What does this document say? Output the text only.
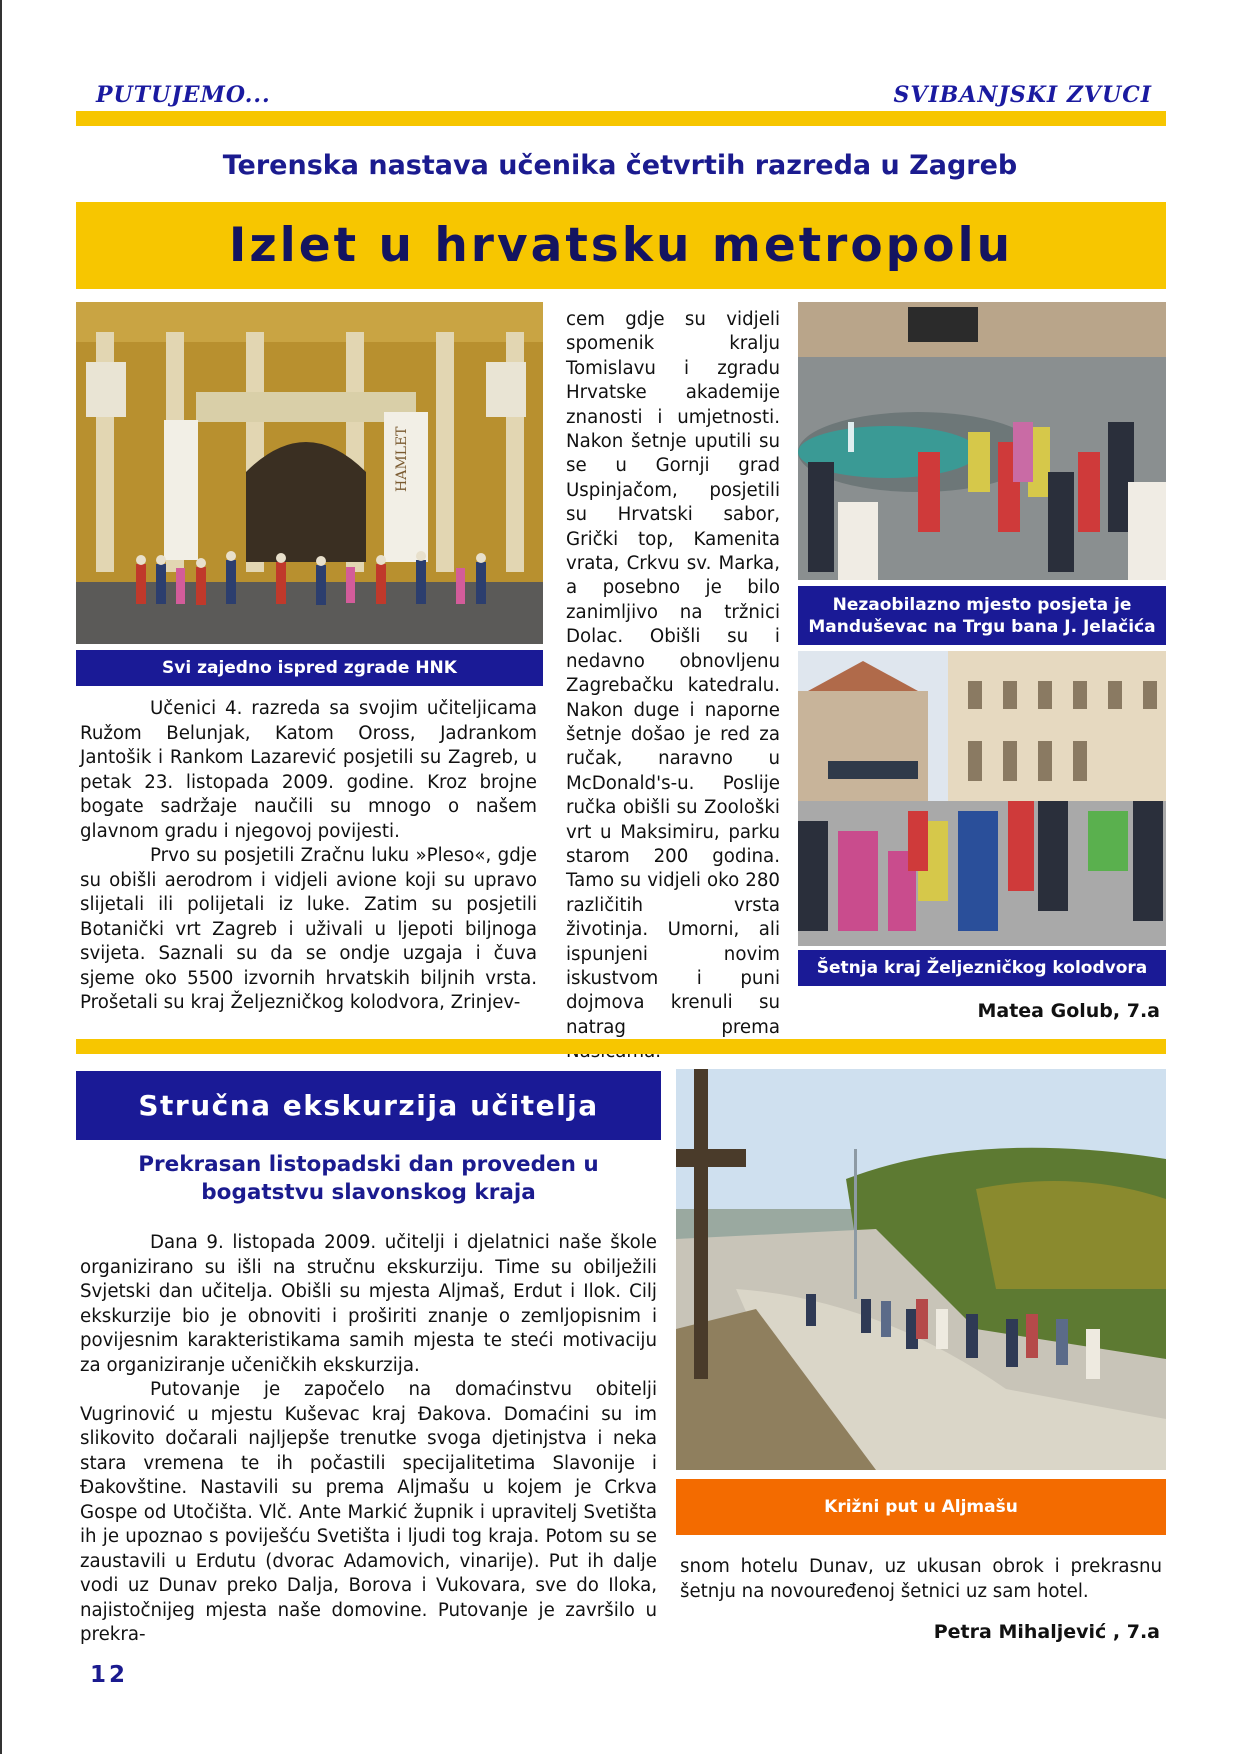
PUTUJEMO...	SVIBANJSKI ZVUCI
Terenska nastava učenika četvrtih razreda u Zagreb
Izlet u hrvatsku metropolu
HAMLET
Svi zajedno ispred zgrade HNK

Učenici 4. razreda sa svojim učiteljicama Ružom Belunjak, Katom Oross, Jadrankom Jantošik i Rankom Lazarević posjetili su Zagreb, u petak 23. listopada 2009. godine. Kroz brojne bogate sadržaje naučili su mnogo o našem glavnom gradu i njegovoj povijesti.

Prvo su posjetili Zračnu luku »Pleso«, gdje su obišli aerodrom i vidjeli avione koji su upravo slijetali ili polijetali iz luke. Zatim su posjetili Botanički vrt Zagreb i uživali u ljepoti biljnoga svijeta. Saznali su da se ondje uzgaja i čuva sjeme oko 5500 izvornih hrvatskih biljnih vrsta. Prošetali su kraj Željezničkog kolodvora, Zrinjev-

cem gdje su vidjeli spomenik kralju Tomislavu i zgradu Hrvatske akademije znanosti i umjetnosti. Nakon šetnje uputili su se u Gornji grad Uspinjačom, posjetili su Hrvatski sabor, Grički top, Kamenita vrata, Crkvu sv. Marka, a posebno je bilo zanimljivo na tržnici Dolac. Obišli su i nedavno obnovljenu Zagrebačku katedralu. Nakon duge i naporne šetnje došao je red za ručak, naravno u McDonald's-u. Poslije ručka obišli su Zoološki vrt u Maksimiru, parku starom 200 godina. Tamo su vidjeli oko 280 različitih vrsta životinja. Umorni, ali ispunjeni novim iskustvom i puni dojmova krenuli su natrag prema
Nezaobilazno mjesto posjeta je Manduševac na Trgu bana J. Jelačića
Šetnja kraj Željezničkog kolodvora
Matea Golub, 7.a
Stručna ekskurzija učitelja
Prekrasan listopadski dan proveden u
bogatstvu slavonskog kraja

Dana 9. listopada 2009. učitelji i djelatnici naše škole organizirano su išli na stručnu ekskurziju. Time su obilježili Svjetski dan učitelja. Obišli su mjesta Aljmaš, Erdut i Ilok. Cilj ekskurzije bio je obnoviti i proširiti znanje o zemljopisnim i povijesnim karakteristikama samih mjesta te steći motivaciju za organiziranje učeničkih ekskurzija.

Putovanje je započelo na domaćinstvu obitelji Vugrinović u mjestu Kuševac kraj Đakova. Domaćini su im slikovito dočarali najljepše trenutke svoga djetinjstva i neka stara vremena te ih počastili specijalitetima Slavonije i Đakovštine. Nastavili su prema Aljmašu u kojem je Crkva Gospe od Utočišta. Vlč. Ante Markić župnik i upravitelj Svetišta ih je upoznao s poviješću Svetišta i ljudi tog kraja. Potom su se zaustavili u Erdutu (dvorac Adamovich, vinarije). Put ih dalje vodi uz Dunav preko Dalja, Borova i Vukovara, sve do Iloka, najistočnijeg mjesta naše domovine. Putovanje je završilo u prekra-

Križni put u Aljmašu

snom hotelu Dunav, uz ukusan obrok i prekrasnu šetnju na novouređenoj šetnici uz sam hotel.

Petra Mihaljević , 7.a
12
